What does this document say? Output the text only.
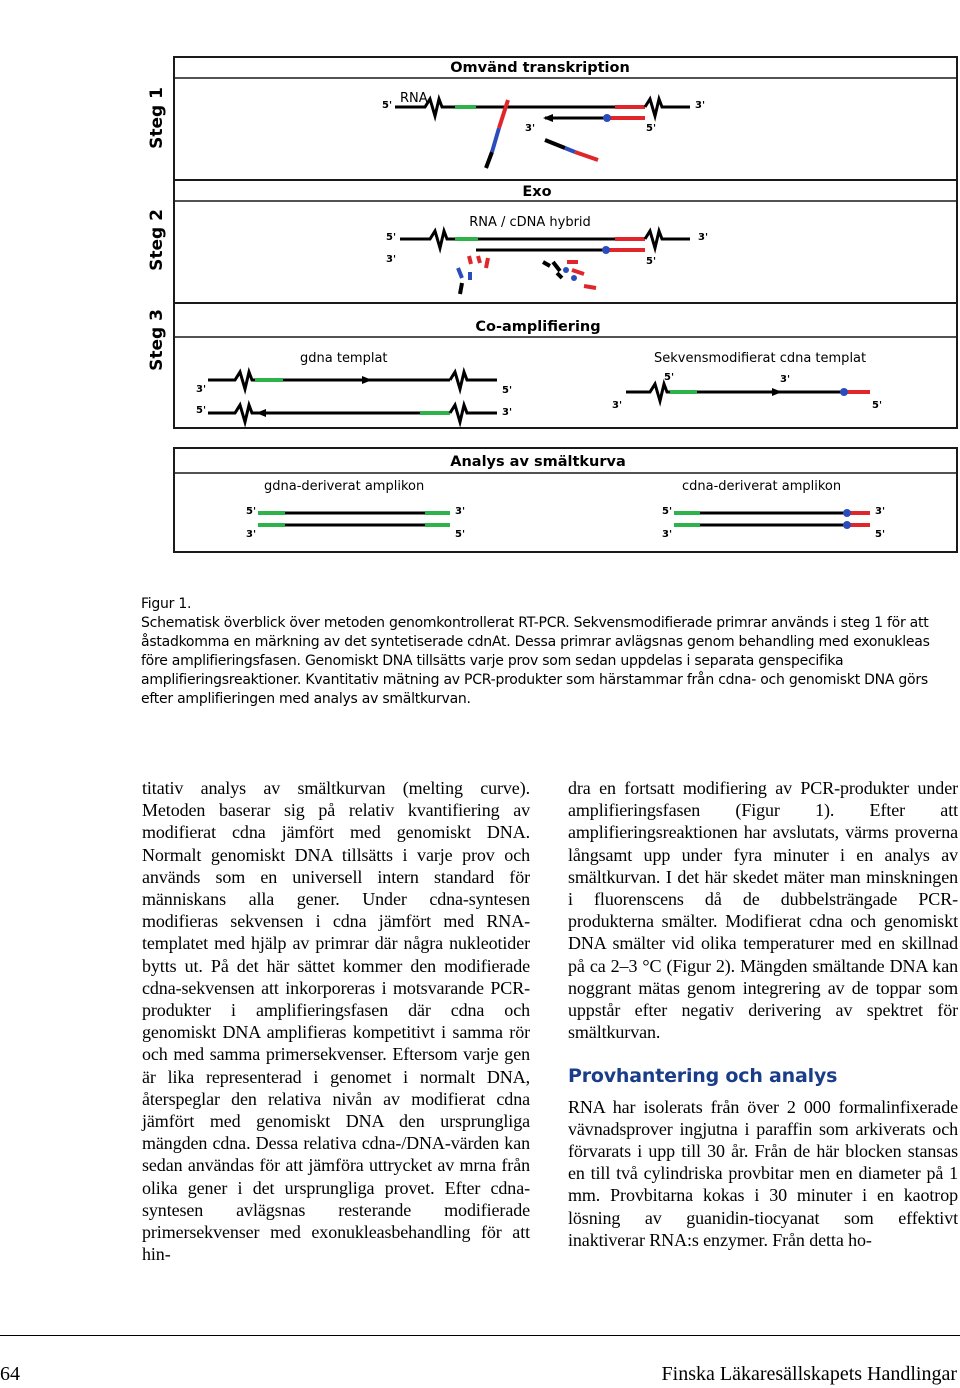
Steg 1
Omvänd transkription
RNA
5'	3'
3'	5'
Steg 2
Exo
RNA / cDNA hybrid
5'	3'
3'	5'
Steg 3	Co-amplifiering
gdna templat	Sekvensmodifierat cdna templat
3'	5'
5'	3'
5'	3'
3'	5'
Analys av smältkurva
gdna-deriverat amplikon	cdna-deriverat amplikon
5'	3'
3'	5'
5'	3'
3'	5'

Figur 1.

Schematisk överblick över metoden genomkontrollerat RT-PCR. Sekvensmodifierade primrar används i steg 1 för att åstadkomma en märkning av det syntetiserade cdnAt. Dessa primrar avlägsnas genom behandling med exonukleas före amplifieringsfasen. Genomiskt DNA tillsätts varje prov som sedan uppdelas i separata genspecifika amplifieringsreaktioner. Kvantitativ mätning av PCR-produkter som härstammar från cdna- och genomiskt DNA görs efter amplifieringen med analys av smältkurvan.

titativ analys av smältkurvan (melting curve). Metoden baserar sig på relativ kvantifiering av modifierat cdna jämfört med genomiskt DNA. Normalt genomiskt DNA tillsätts i varje prov och används som en universell intern standard för människans alla gener. Under cdna-syntesen modifieras sekvensen i cdna jämfört med RNA-templatet med hjälp av primrar där några nukleotider bytts ut. På det här sättet kommer den modifierade cdna-sekvensen att inkorporeras i motsvarande PCR-produkter i amplifieringsfasen där cdna och genomiskt DNA amplifieras kompetitivt i samma rör och med samma primersekvenser. Eftersom varje gen är lika representerad i genomet i normalt DNA, återspeglar den relativa nivån av modifierat cdna jämfört med genomiskt DNA den ursprungliga mängden cdna. Dessa relativa cdna-/DNA-värden kan sedan användas för att jämföra uttrycket av mrna från olika gener i det ursprungliga provet. Efter cdna-syntesen avlägsnas resterande modifierade primersekvenser med exonukleasbehandling för att hin-

dra en fortsatt modifiering av PCR-produkter under amplifieringsfasen (Figur 1). Efter att amplifieringsreaktionen har avslutats, värms proverna långsamt upp under fyra minuter i en analys av smältkurvan. I det här skedet mäter man minskningen i fluorenscens då de dubbelsträngade PCR-produkterna smälter. Modifierat cdna och genomiskt DNA smälter vid olika temperaturer med en skillnad på ca 2–3 °C (Figur 2). Mängden smältande DNA kan noggrant mätas genom integrering av de toppar som uppstår efter negativ derivering av spektret för smältkurvan.

Provhantering och analys

RNA har isolerats från över 2 000 formalinfixerade vävnadsprover ingjutna i paraffin som arkiverats och förvarats i upp till 30 år. Från de här blocken stansas en till två cylindriska provbitar men en diameter på 1 mm. Provbitarna kokas i 30 minuter i en kaotrop lösning av guanidin-tiocyanat som effektivt inaktiverar RNA:s enzymer. Från detta ho-

64	Finska Läkaresällskapets Handlingar
